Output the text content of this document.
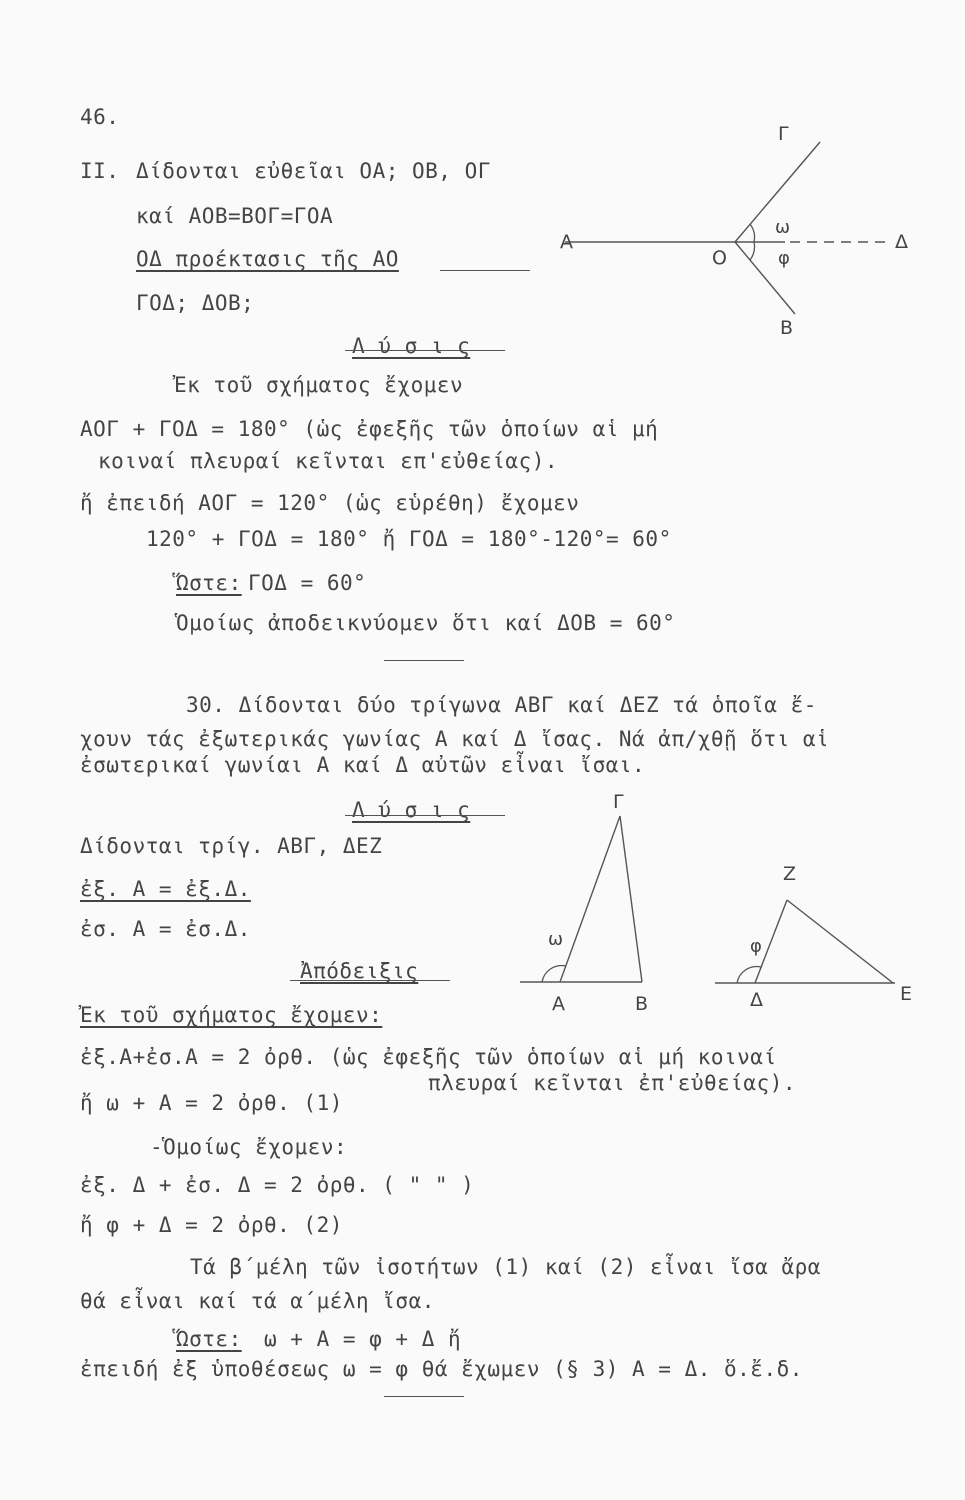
46.
II. Δίδονται εὐθεῖαι ΟΑ; ΟΒ, ΟΓ
καί ΑΟΒ=ΒΟΓ=ΓΟΑ
ΟΔ προέκτασις τῆς ΑΟ
ΓΟΔ; ΔΟΒ;
Λ ύ σ ι ς
Ἐκ τοῦ σχήματος ἔχομεν
ΑΟΓ + ΓΟΔ = 180° (ὡς ἐφεξῆς τῶν ὁποίων αἱ μή
κοιναί πλευραί κεῖνται επ'εὐθείας).
ἤ ἐπειδή ΑΟΓ = 120° (ὡς εὑρέθη) ἔχομεν
120° + ΓΟΔ = 180° ἤ ΓΟΔ = 180°-120°= 60°
Ὥστε: ΓΟΔ = 60°
Ὁμοίως ἀποδεικνύομεν ὅτι καί ΔΟΒ = 60°
Γ
Α
Ο
Δ
Β
ω
φ
30. Δίδονται δύο τρίγωνα ΑΒΓ καί ΔΕΖ τά ὁποῖα ἔ-
χουν τάς ἐξωτερικάς γωνίας Α καί Δ ἴσας. Νά ἀπ/χθῇ ὅτι αἱ
ἐσωτερικαί γωνίαι Α καί Δ αὐτῶν εἶναι ἴσαι.
Λ ύ σ ι ς
Δίδονται τρίγ. ΑΒΓ, ΔΕΖ
ἐξ. Α = ἐξ.Δ.
ἐσ. Α = ἐσ.Δ.
Ἀπόδειξις
Ἐκ τοῦ σχήματος ἔχομεν:
ἐξ.Α+ἐσ.Α = 2 ὀρθ. (ὡς ἐφεξῆς τῶν ὁποίων αἱ μή κοιναί
πλευραί κεῖνται ἐπ'εὐθείας).
ἤ ω + Α = 2 ὀρθ. (1)
-Ὁμοίως ἔχομεν:
ἐξ. Δ + ἐσ. Δ = 2 ὀρθ. ( " " )
ἤ φ + Δ = 2 ὀρθ. (2)
Τά β΄μέλη τῶν ἰσοτήτων (1) καί (2) εἶναι ἴσα ἄρα
θά εἶναι καί τά α΄μέλη ἴσα.
Ὥστε: ω + Α = φ + Δ ἤ
ἐπειδή ἐξ ὑποθέσεως ω = φ θά ἔχωμεν (§ 3) Α = Δ. ὅ.ἔ.δ.
Γ
ω
Α	Β
Ζ
φ
Δ	Ε
